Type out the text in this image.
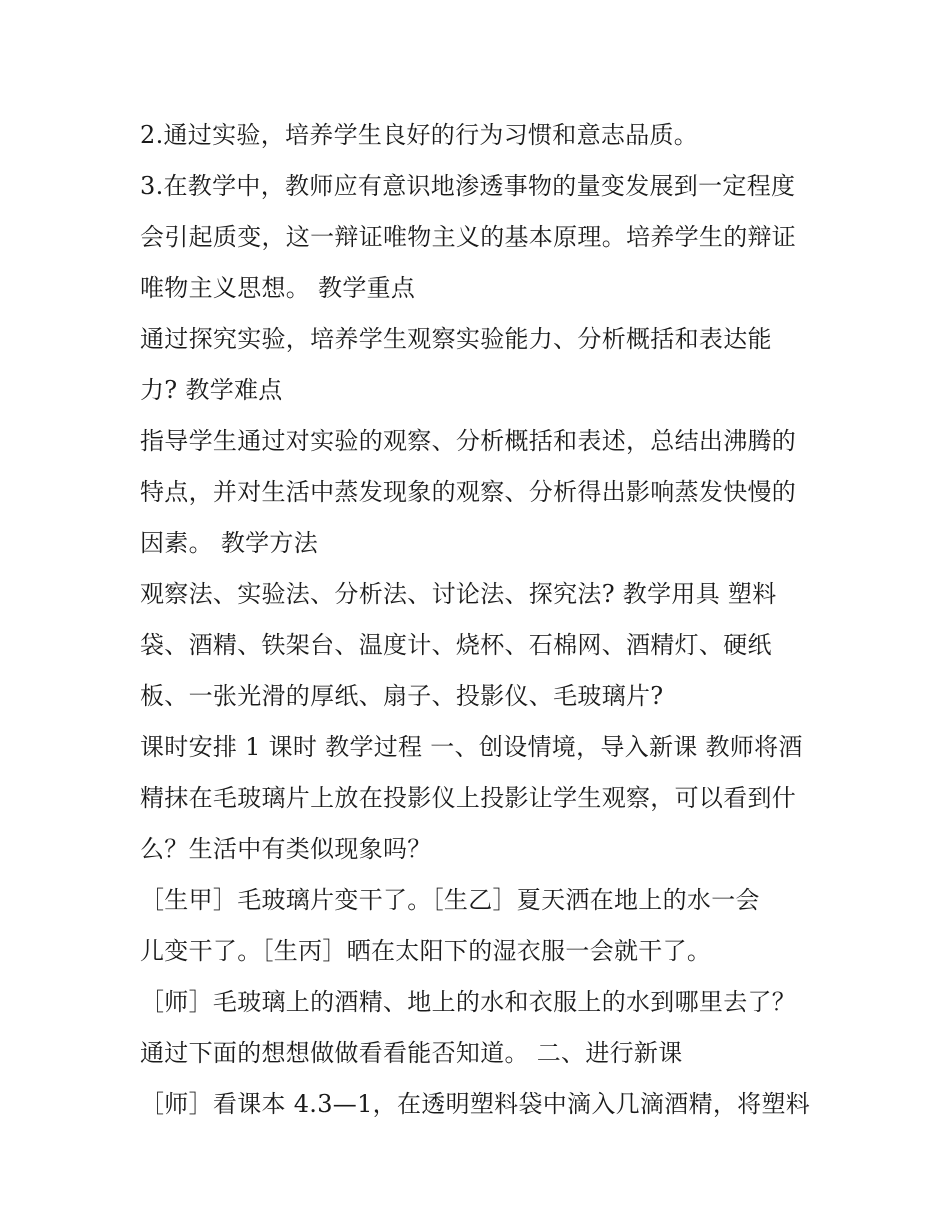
2.通过实验，培养学生良好的行为习惯和意志品质。
3.在教学中，教师应有意识地渗透事物的量变发展到一定程度
会引起质变，这一辩证唯物主义的基本原理。培养学生的辩证
唯物主义思想。 教学重点
通过探究实验，培养学生观察实验能力、分析概括和表达能
力? 教学难点
指导学生通过对实验的观察、分析概括和表述，总结出沸腾的
特点，并对生活中蒸发现象的观察、分析得出影响蒸发快慢的
因素。 教学方法
观察法、实验法、分析法、讨论法、探究法? 教学用具 塑料
袋、酒精、铁架台、温度计、烧杯、石棉网、酒精灯、硬纸
板、一张光滑的厚纸、扇子、投影仪、毛玻璃片?
课时安排 1 课时 教学过程 一、创设情境，导入新课 教师将酒
精抹在毛玻璃片上放在投影仪上投影让学生观察，可以看到什
么？生活中有类似现象吗？
［生甲］毛玻璃片变干了。［生乙］夏天洒在地上的水一会
儿变干了。［生丙］晒在太阳下的湿衣服一会就干了。
［师］毛玻璃上的酒精、地上的水和衣服上的水到哪里去了？
通过下面的想想做做看看能否知道。 二、进行新课
［师］看课本 4.3—1，在透明塑料袋中滴入几滴酒精，将塑料
